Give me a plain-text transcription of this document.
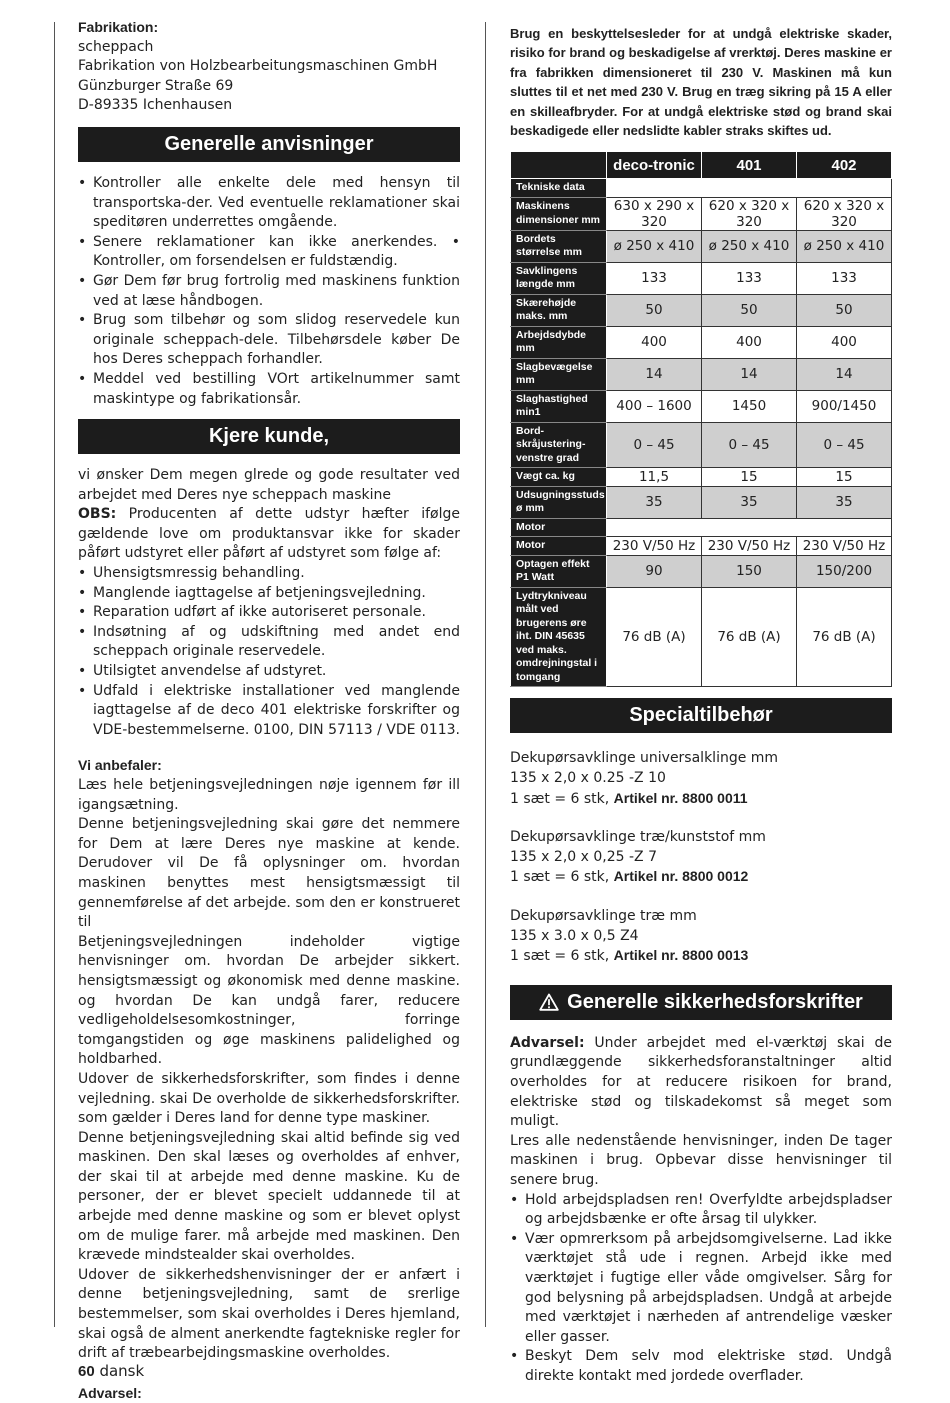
Fabrikation:

scheppach

Fabrikation von Holzbearbeitungsmaschinen GmbH

Günzburger Straße 69

D-89335 Ichenhausen

Generelle anvisninger
• Kontroller alle enkelte dele med hensyn til transportska-der. Ved eventuelle reklamationer skai speditøren underrettes omgående.
• Senere reklamationer kan ikke anerkendes. • Kontroller, om forsendelsen er fuldstændig.
• Gør Dem før brug fortrolig med maskinens funktion ved at læse håndbogen.
• Brug som tilbehør og som slidog reservedele kun originale scheppach-dele. Tilbehørsdele køber De hos Deres scheppach forhandler.
• Meddel ved bestilling VOrt artikelnummer samt maskintype og fabrikationsår.
Kjere kunde,

vi ønsker Dem megen glrede og gode resultater ved arbejdet med Deres nye scheppach maskine

OBS: Producenten af dette udstyr hæfter ifølge gældende love om produktansvar ikke for skader påført udstyret eller påført af udstyret som følge af:

• Uhensigtsmressig behandling.
• Manglende iagttagelse af betjeningsvejledning.
• Reparation udført af ikke autoriseret personale.
• Indsøtning af og udskiftning med andet end scheppach originale reservedele.
• Utilsigtet anvendelse af udstyret.
• Udfald i elektriske installationer ved manglende iagttagelse af de deco 401 elektriske forskrifter og VDE-bestemmelserne. 0100, DIN 57113 / VDE 0113.

Vi anbefaler:

Læs hele betjeningsvejledningen nøje igennem før ill igangsætning.

Denne betjeningsvejledning skai gøre det nemmere for Dem at lære Deres nye maskine at kende. Derudover vil De få oplysninger om. hvordan maskinen benyttes mest hensigtsmæssigt til gennemførelse af det arbejde. som den er konstrueret til

Betjeningsvejledningen indeholder vigtige henvisninger om. hvordan De arbejder sikkert. hensigtsmæssigt og økonomisk med denne maskine. og hvordan De kan undgå farer, reducere vedligeholdelsesomkostninger, forringe tomgangstiden og øge maskinens palidelighed og holdbarhed.

Udover de sikkerhedsforskrifter, som findes i denne vejledning. skai De overholde de sikkerhedsforskrifter. som gælder i Deres land for denne type maskiner.

Denne betjeningsvejledning skai altid befinde sig ved maskinen. Den skal læses og overholdes af enhver, der skai til at arbejde med denne maskine. Ku de personer, der er blevet specielt uddannede til at arbejde med denne maskine og som er blevet oplyst om de mulige farer. må arbejde med maskinen. Den krævede mindstealder skai overholdes.

Udover de sikkerhedshenvisninger der er anfært i denne betjeningsvejledning, samt de srerlige bestemmelser, som skai overholdes i Deres hjemland, skai også de alment anerkendte fagtekniske regler for drift af træbearbejdingsmaskine overholdes.

Advarsel:

Brug en beskyttelsesleder for at undgå elektriske skader, risiko for brand og beskadigelse af vrerktøj. Deres maskine er fra fabrikken dimensioneret til 230 V. Maskinen må kun sluttes til et net med 230 V. Brug en træg sikring på 15 A eller en skilleafbryder. For at undgå elektriske stød og brand skai beskadigede eller nedslidte kabler straks skiftes ud.

	deco-tronic	401	402
Tekniske data			
Maskinens dimensioner mm	630 x 290 x 320	620 x 320 x 320	620 x 320 x 320
Bordets størrelse mm	ø 250 x 410	ø 250 x 410	ø 250 x 410
Savklingens længde mm	133	133	133
Skærehøjde maks. mm	50	50	50
Arbejdsdybde mm	400	400	400
Slagbevægelse mm	14	14	14
Slaghastighed min1	400 – 1600	1450	900/1450
Bord-skråjustering-venstre grad	0 – 45	0 – 45	0 – 45
Vægt ca. kg	11,5	15	15
Udsugningsstuds ø mm	35	35	35
Motor			
Motor	230 V/50 Hz	230 V/50 Hz	230 V/50 Hz
Optagen effekt P1 Watt	90	150	150/200
Lydtrykniveau målt ved brugerens øre iht. DIN 45635 ved maks. omdrejningstal i tomgang	76 dB (A)	76 dB (A)	76 dB (A)
Specialtilbehør

Dekupørsavklinge universalklinge mm

135 x 2,0 x 0.25 -Z 10

1 sæt = 6 stk, Artikel nr. 8800 0011

Dekupørsavklinge træ/kunststof mm

135 x 2,0 x 0,25 -Z 7

1 sæt = 6 stk, Artikel nr. 8800 0012

Dekupørsavklinge træ mm

135 x 3.0 x 0,5 Z4

1 sæt = 6 stk, Artikel nr. 8800 0013

Generelle sikkerhedsforskrifter

Advarsel: Under arbejdet med el-værktøj skai de grundlæggende sikkerhedsforanstaltninger altid overholdes for at reducere risikoen for brand, elektriske stød og tilskadekomst så meget som muligt.

Lres alle nedenstående henvisninger, inden De tager maskinen i brug. Opbevar disse henvisninger til senere brug.

• Hold arbejdspladsen ren! Overfyldte arbejdspladser og arbejdsbænke er ofte årsag til ulykker.
• Vær opmrerksom på arbejdsomgivelserne. Lad ikke værktøjet stå ude i regnen. Arbejd ikke med værktøjet i fugtige eller våde omgivelser. Sårg for god belysning på arbejdspladsen. Undgå at arbejde med værktøjet i nærheden af antrendelige væsker eller gasser.
• Beskyt Dem selv mod elektriske stød. Undgå direkte kontakt med jordede overflader.
60 dansk
